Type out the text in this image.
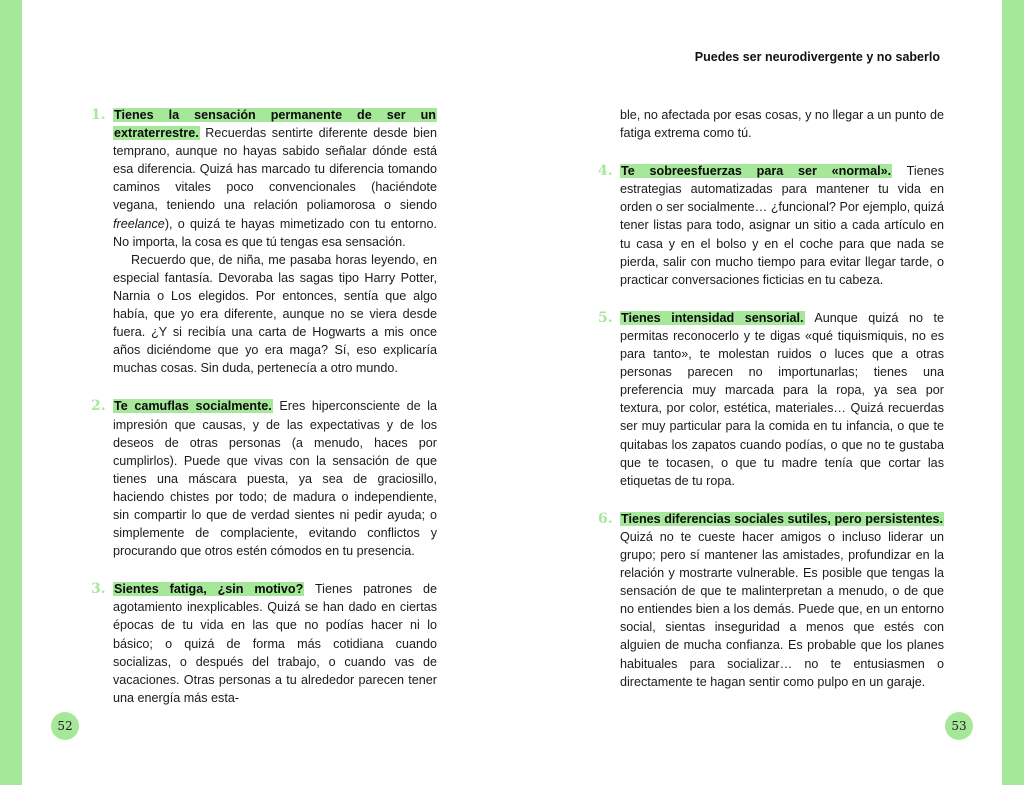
Puedes ser neurodivergente y no saberlo
1. Tienes la sensación permanente de ser un extraterrestre. Recuerdas sentirte diferente desde bien temprano, aunque no hayas sabido señalar dónde está esa diferencia. Quizá has marcado tu diferencia tomando caminos vitales poco convencionales (haciéndote vegana, teniendo una relación poliamorosa o siendo freelance), o quizá te hayas mimetizado con tu entorno. No importa, la cosa es que tú tengas esa sensación.

Recuerdo que, de niña, me pasaba horas leyendo, en especial fantasía. Devoraba las sagas tipo Harry Potter, Narnia o Los elegidos. Por entonces, sentía que algo había, que yo era diferente, aunque no se viera desde fuera. ¿Y si recibía una carta de Hogwarts a mis once años diciéndome que yo era maga? Sí, eso explicaría muchas cosas. Sin duda, pertenecía a otro mundo.

2. Te camuflas socialmente. Eres hiperconsciente de la impresión que causas, y de las expectativas y de los deseos de otras personas (a menudo, haces por cumplirlos). Puede que vivas con la sensación de que tienes una máscara puesta, ya sea de graciosillo, haciendo chistes por todo; de madura o independiente, sin compartir lo que de verdad sientes ni pedir ayuda; o simplemente de complaciente, evitando conflictos y procurando que otros estén cómodos en tu presencia.

3. Sientes fatiga, ¿sin motivo? Tienes patrones de agotamiento inexplicables. Quizá se han dado en ciertas épocas de tu vida en las que no podías hacer ni lo básico; o quizá de forma más cotidiana cuando socializas, o después del trabajo, o cuando vas de vacaciones. Otras personas a tu alrededor parecen tener una energía más esta-

ble, no afectada por esas cosas, y no llegar a un punto de fatiga extrema como tú.

4. Te sobreesfuerzas para ser «normal». Tienes estrategias automatizadas para mantener tu vida en orden o ser socialmente… ¿funcional? Por ejemplo, quizá tener listas para todo, asignar un sitio a cada artículo en tu casa y en el bolso y en el coche para que nada se pierda, salir con mucho tiempo para evitar llegar tarde, o practicar conversaciones ficticias en tu cabeza.

5. Tienes intensidad sensorial. Aunque quizá no te permitas reconocerlo y te digas «qué tiquismiquis, no es para tanto», te molestan ruidos o luces que a otras personas parecen no importunarlas; tienes una preferencia muy marcada para la ropa, ya sea por textura, por color, estética, materiales… Quizá recuerdas ser muy particular para la comida en tu infancia, o que te quitabas los zapatos cuando podías, o que no te gustaba que te tocasen, o que tu madre tenía que cortar las etiquetas de tu ropa.

6. Tienes diferencias sociales sutiles, pero persistentes. Quizá no te cueste hacer amigos o incluso liderar un grupo; pero sí mantener las amistades, profundizar en la relación y mostrarte vulnerable. Es posible que tengas la sensación de que te malinterpretan a menudo, o de que no entiendes bien a los demás. Puede que, en un entorno social, sientas inseguridad a menos que estés con alguien de mucha confianza. Es probable que los planes habituales para socializar… no te entusiasmen o directamente te hagan sentir como pulpo en un garaje.

52	53
